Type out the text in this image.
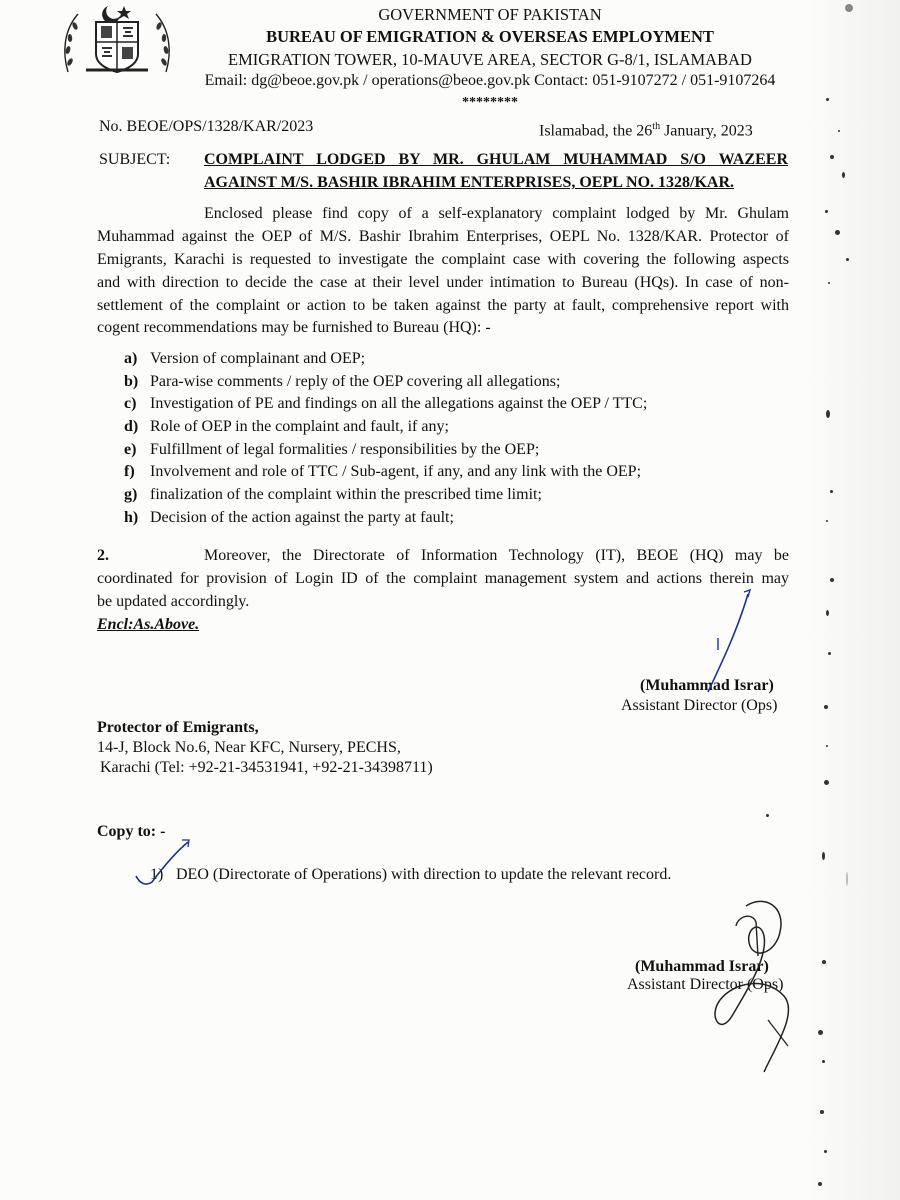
GOVERNMENT OF PAKISTAN
BUREAU OF EMIGRATION & OVERSEAS EMPLOYMENT
EMIGRATION TOWER, 10-MAUVE AREA, SECTOR G-8/1, ISLAMABAD
Email: dg@beoe.gov.pk / operations@beoe.gov.pk Contact: 051-9107272 / 051-9107264
********
No. BEOE/OPS/1328/KAR/2023	Islamabad, the 26th January, 2023
SUBJECT: COMPLAINT LODGED BY MR. GHULAM MUHAMMAD S/O WAZEER
AGAINST M/S. BASHIR IBRAHIM ENTERPRISES, OEPL NO. 1328/KAR.
Enclosed please find copy of a self-explanatory complaint lodged by Mr. Ghulam
Muhammad against the OEP of M/S. Bashir Ibrahim Enterprises, OEPL No. 1328/KAR. Protector of
Emigrants, Karachi is requested to investigate the complaint case with covering the following aspects
and with direction to decide the case at their level under intimation to Bureau (HQs). In case of non-
settlement of the complaint or action to be taken against the party at fault, comprehensive report with
cogent recommendations may be furnished to Bureau (HQ): -
a) Version of complainant and OEP;
b) Para-wise comments / reply of the OEP covering all allegations;
c) Investigation of PE and findings on all the allegations against the OEP / TTC;
d) Role of OEP in the complaint and fault, if any;
e) Fulfillment of legal formalities / responsibilities by the OEP;
f) Involvement and role of TTC / Sub-agent, if any, and any link with the OEP;
g) finalization of the complaint within the prescribed time limit;
h) Decision of the action against the party at fault;
2.	Moreover, the Directorate of Information Technology (IT), BEOE (HQ) may be
coordinated for provision of Login ID of the complaint management system and actions therein may
be updated accordingly.
Encl:As.Above.
(Muhammad Israr)
Assistant Director (Ops)
Protector of Emigrants,
14-J, Block No.6, Near KFC, Nursery, PECHS,
Karachi (Tel: +92-21-34531941, +92-21-34398711)
Copy to: -
1) DEO (Directorate of Operations) with direction to update the relevant record.
(Muhammad Israr)
Assistant Director (Ops)
